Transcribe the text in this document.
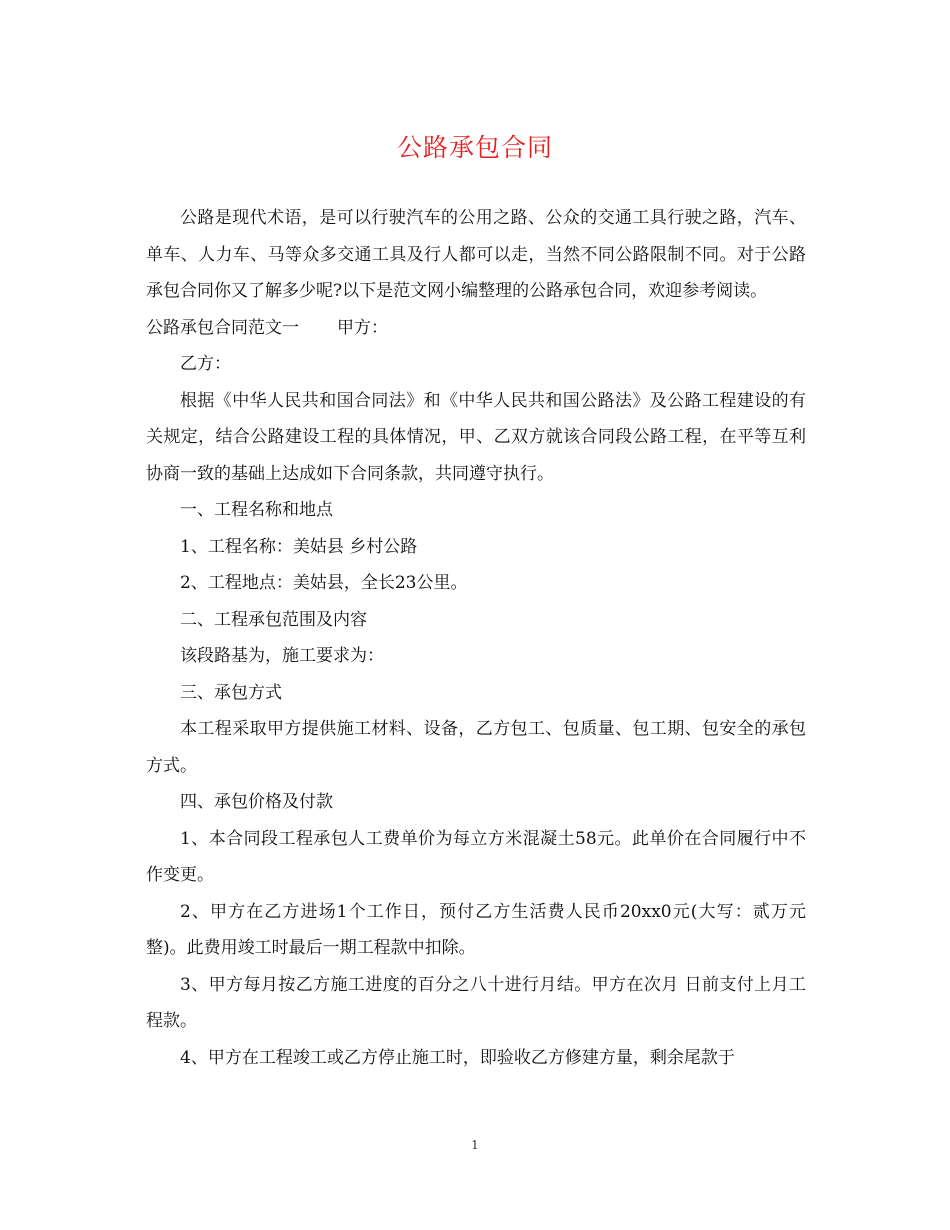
公路承包合同

公路是现代术语，是可以行驶汽车的公用之路、公众的交通工具行驶之路，汽车、单车、人力车、马等众多交通工具及行人都可以走，当然不同公路限制不同。对于公路承包合同你又了解多少呢?以下是范文网小编整理的公路承包合同，欢迎参考阅读。

公路承包合同范文一 甲方：

乙方：

根据《中华人民共和国合同法》和《中华人民共和国公路法》及公路工程建设的有关规定，结合公路建设工程的具体情况，甲、乙双方就该合同段公路工程，在平等互利协商一致的基础上达成如下合同条款，共同遵守执行。

一、工程名称和地点

1、工程名称：美姑县 乡村公路

2、工程地点：美姑县，全长23公里。

二、工程承包范围及内容

该段路基为，施工要求为：

三、承包方式

本工程采取甲方提供施工材料、设备，乙方包工、包质量、包工期、包安全的承包方式。

四、承包价格及付款

1、本合同段工程承包人工费单价为每立方米混凝土58元。此单价在合同履行中不作变更。

2、甲方在乙方进场1个工作日，预付乙方生活费人民币20xx0元(大写：贰万元整)。此费用竣工时最后一期工程款中扣除。

3、甲方每月按乙方施工进度的百分之八十进行月结。甲方在次月 日前支付上月工程款。

4、甲方在工程竣工或乙方停止施工时，即验收乙方修建方量，剩余尾款于

1
